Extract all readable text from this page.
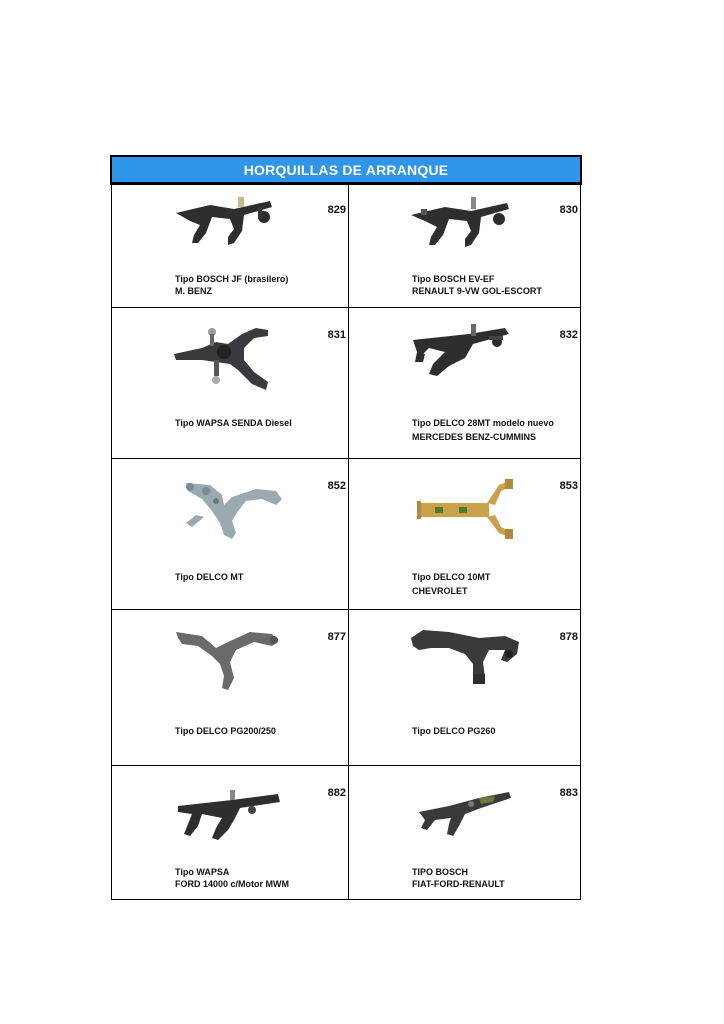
HORQUILLAS DE ARRANQUE
829
Tipo BOSCH JF (brasilero)
M. BENZ
830
Tipo BOSCH EV-EF
RENAULT 9-VW GOL-ESCORT
831
Tipo WAPSA SENDA Diesel
832
Tipo DELCO 28MT modelo nuevo
MERCEDES BENZ-CUMMINS
852
Tipo DELCO MT
853
Tipo DELCO 10MT
CHEVROLET
877
Tipo DELCO PG200/250
878
Tipo DELCO PG260
882
Tipo WAPSA
FORD 14000 c/Motor MWM
883
TIPO BOSCH
FIAT-FORD-RENAULT
